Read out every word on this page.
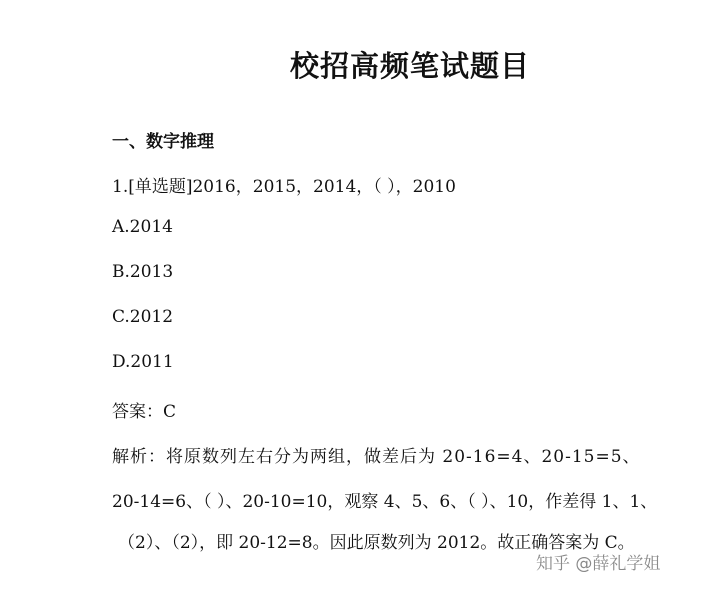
校招高频笔试题目
一、数字推理

1.[单选题]2016，2015，2014，（ ），2010

A.2014

B.2013

C.2012

D.2011

答案：C

解析：将原数列左右分为两组，做差后为 20-16=4、20-15=5、

20-14=6、（ ）、20-10=10，观察 4、5、6、（ ）、10，作差得 1、1、

（2）、（2），即 20-12=8。因此原数列为 2012。故正确答案为 C。

知乎 @薛礼学姐
